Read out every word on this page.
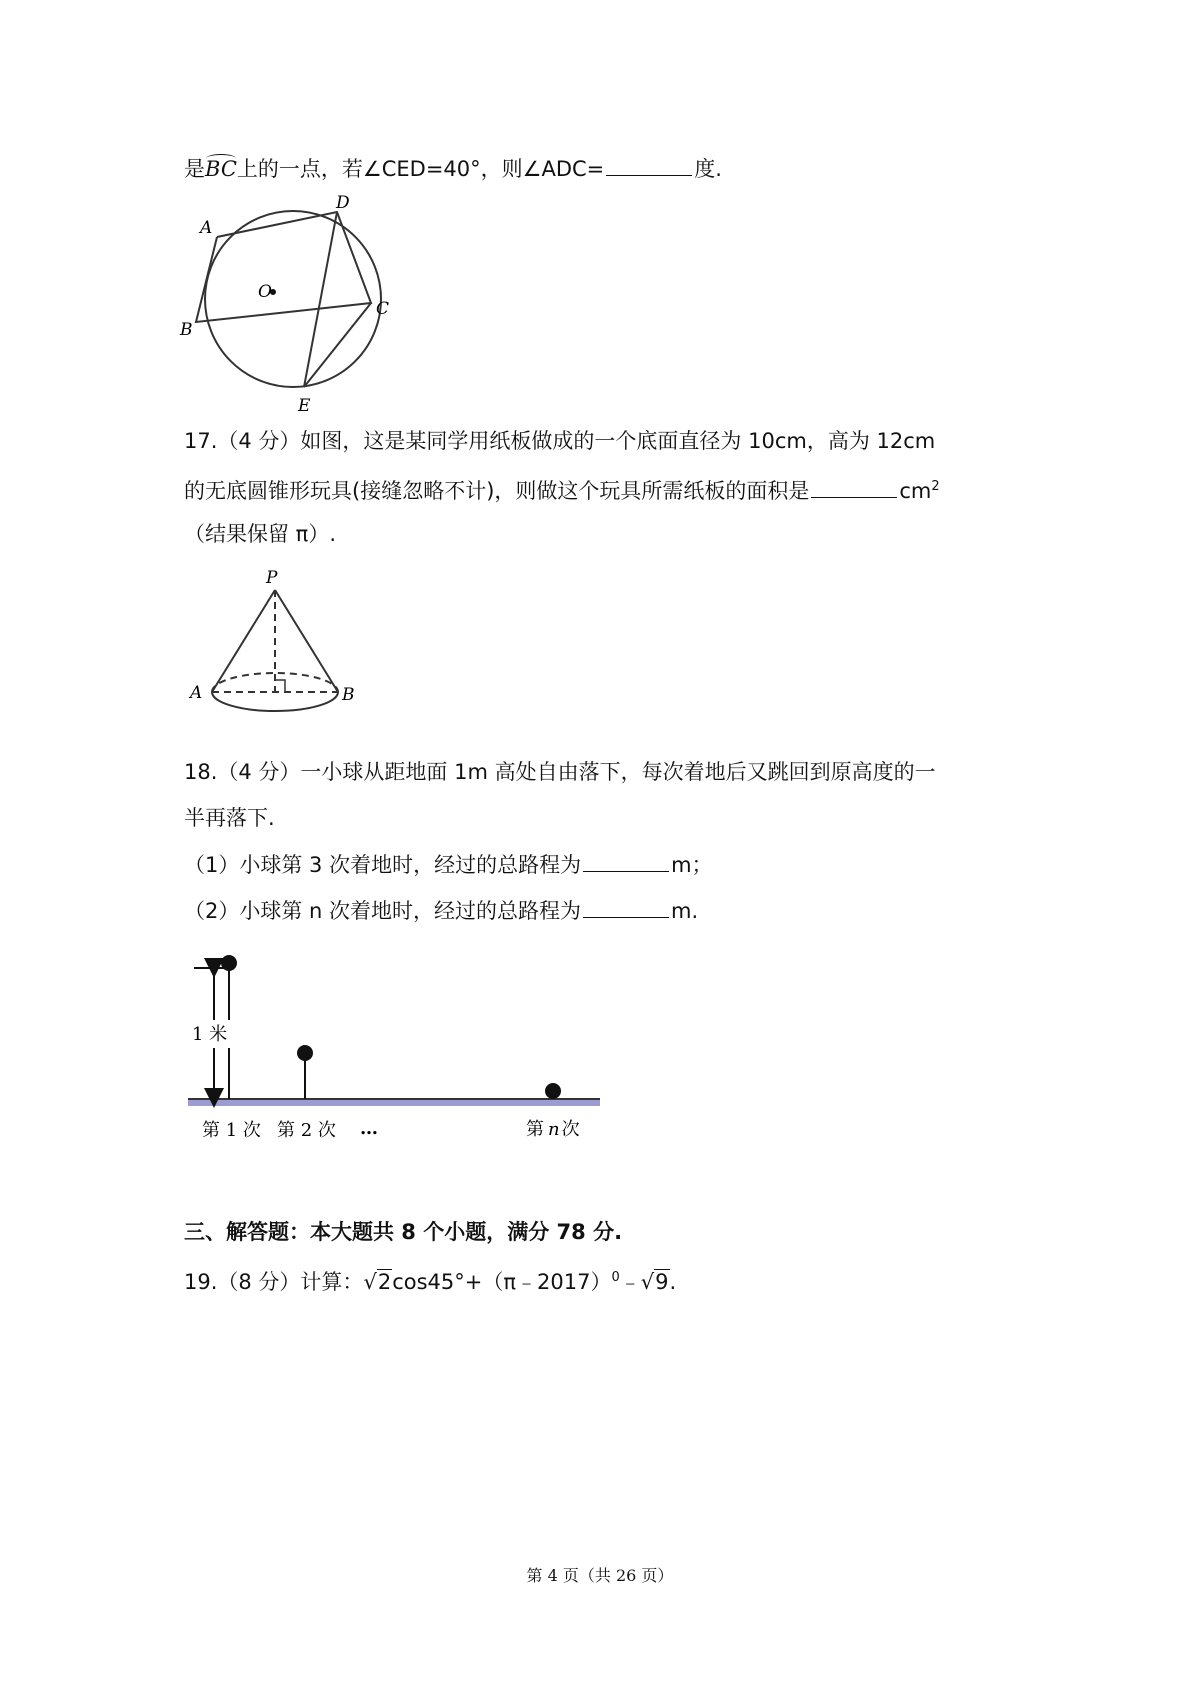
是BC上的一点，若∠CED=40°，则∠ADC=	度.
A
D
O
C
B
E
17.（4 分）如图，这是某同学用纸板做成的一个底面直径为 10cm，高为 12cm
的无底圆锥形玩具(接缝忽略不计)，则做这个玩具所需纸板的面积是	$cm^2$
（结果保留 π）.
P
A	B
18.（4 分）一小球从距地面 1m 高处自由落下，每次着地后又跳回到原高度的一
半再落下.
（1）小球第 3 次着地时，经过的总路程为	m；
（2）小球第 n 次着地时，经过的总路程为	m.
1 米
第 1 次 第 2 次 …	第 n 次
三、解答题：本大题共 8 个小题，满分 78 分.
19.（8 分）计算：√2cos45°+（π﹣2017）$^0$﹣√9.
第 4 页（共 26 页）
